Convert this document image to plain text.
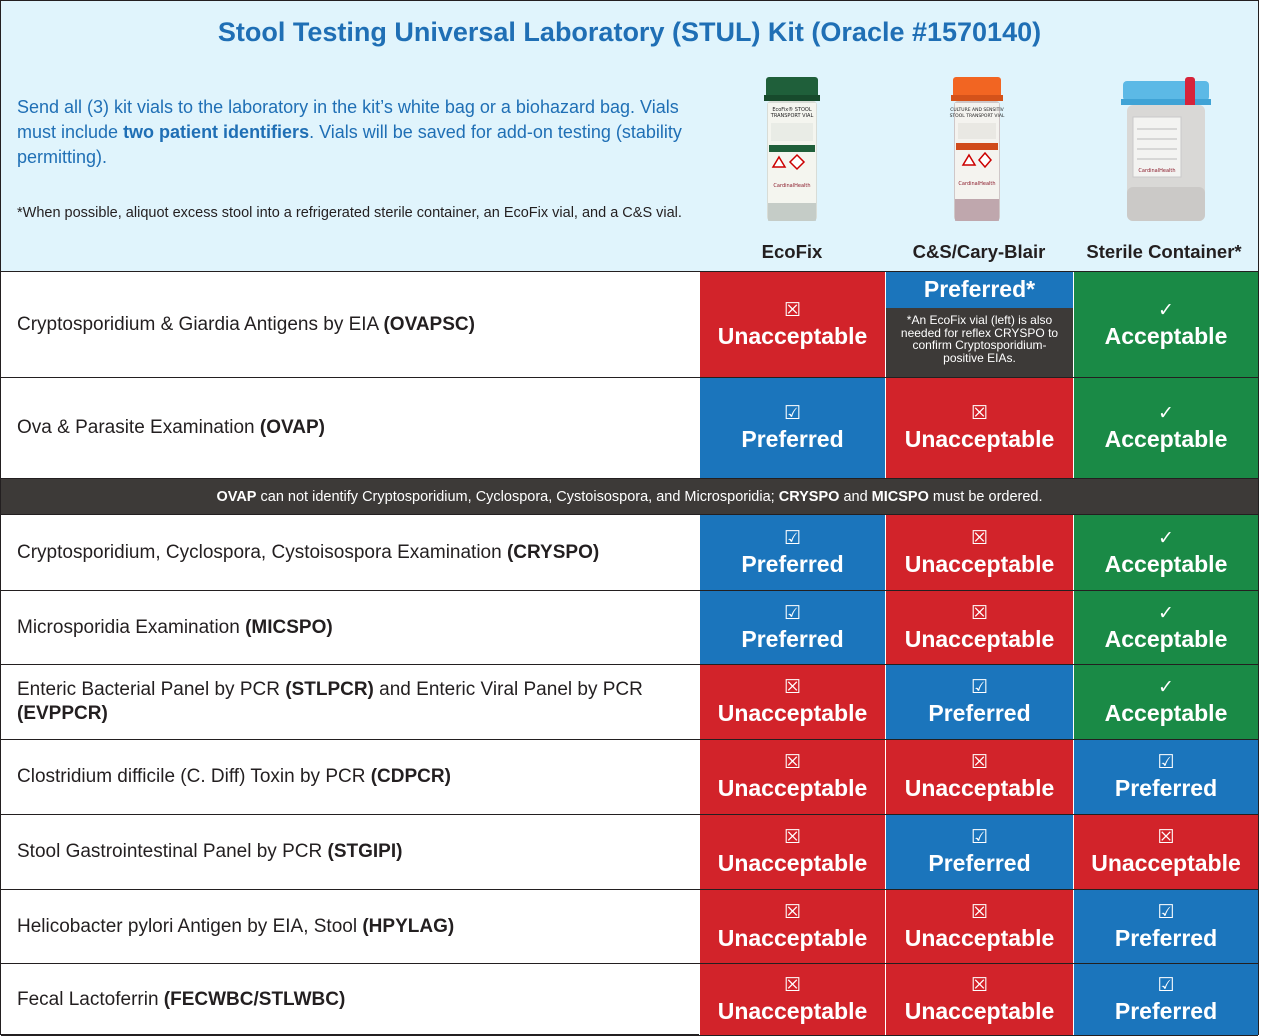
Stool Testing Universal Laboratory (STUL) Kit (Oracle #1570140)
Send all (3) kit vials to the laboratory in the kit’s white bag or a biohazard bag. Vials must include two patient identifiers. Vials will be saved for add-on testing (stability permitting).
*When possible, aliquot excess stool into a refrigerated sterile container, an EcoFix vial, and a C&S vial.
EcoFix® STOOL
TRANSPORT VIAL
CardinalHealth
CULTURE AND SENSITIV
STOOL TRANSPORT VIAL
CardinalHealth
CardinalHealth
EcoFix	C&S/Cary-Blair	Sterile Container*
Cryptosporidium & Giardia Antigens by EIA (OVAPSC)
☒
Unacceptable
Preferred*
*An EcoFix vial (left) is also needed for reflex CRYSPO to confirm Cryptosporidium-positive EIAs.
✓
Acceptable
Ova & Parasite Examination (OVAP)
☑
Preferred
☒
Unacceptable
✓
Acceptable
Cryptosporidium, Cyclospora, Cystoisospora Examination (CRYSPO)
☑
Preferred
☒
Unacceptable
✓
Acceptable
Microsporidia Examination (MICSPO)
☑
Preferred
☒
Unacceptable
✓
Acceptable
Enteric Bacterial Panel by PCR (STLPCR) and Enteric Viral Panel by PCR (EVPPCR)
☒
Unacceptable
☑
Preferred
✓
Acceptable
Clostridium difficile (C. Diff) Toxin by PCR (CDPCR)
☒
Unacceptable
☒
Unacceptable
☑
Preferred
Stool Gastrointestinal Panel by PCR (STGIPI)
☒
Unacceptable
☑
Preferred
☒
Unacceptable
Helicobacter pylori Antigen by EIA, Stool (HPYLAG)
☒
Unacceptable
☒
Unacceptable
☑
Preferred
Fecal Lactoferrin (FECWBC/STLWBC)
☒
Unacceptable
☒
Unacceptable
☑
Preferred
OVAP can not identify Cryptosporidium, Cyclospora, Cystoisospora, and Microsporidia; CRYSPO and MICSPO must be ordered.
